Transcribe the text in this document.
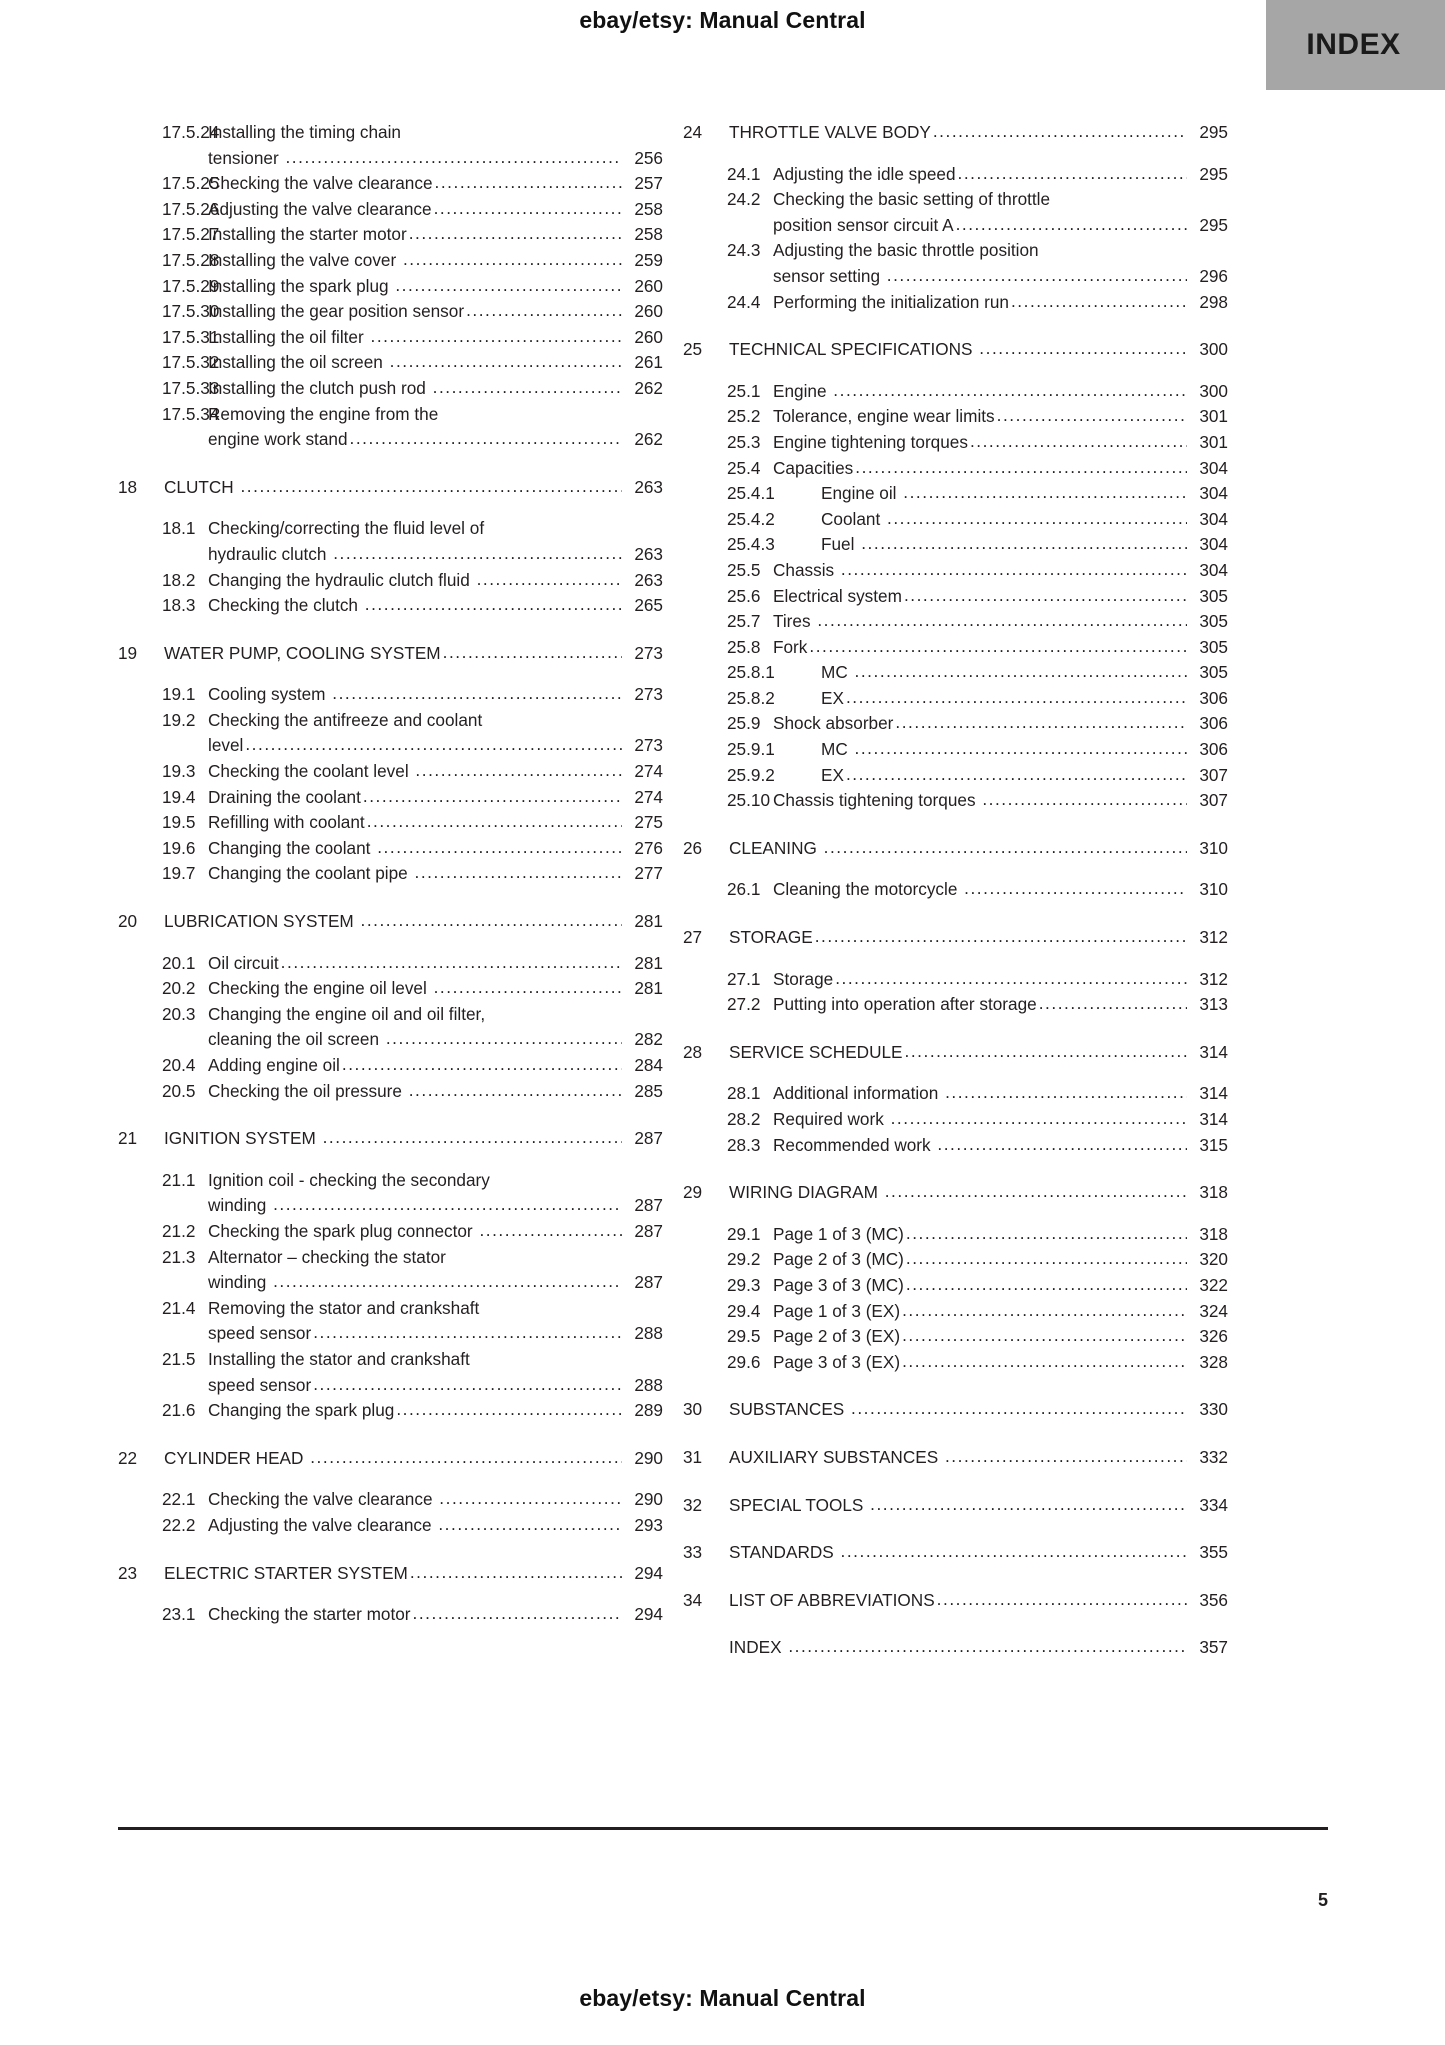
ebay/etsy: Manual Central
INDEX
17.5.24
Installing the timing chain
tensioner .....	256
17.5.25
Checking the valve clearance .....	257
17.5.26
Adjusting the valve clearance .....	258
17.5.27
Installing the starter motor .....	258
17.5.28
Installing the valve cover .....	259
17.5.29
Installing the spark plug .....	260
17.5.30
Installing the gear position sensor .....	260
17.5.31
Installing the oil filter .....	260
17.5.32
Installing the oil screen .....	261
17.5.33
Installing the clutch push rod .....	262
17.5.34
Removing the engine from the
engine work stand .....	262
18	CLUTCH .....	263
18.1 Checking/correcting the fluid level of
hydraulic clutch .....	263
18.2 Changing the hydraulic clutch fluid .....	263
18.3 Checking the clutch .....	265
19	WATER PUMP, COOLING SYSTEM .....	273
19.1 Cooling system .....	273
19.2 Checking the antifreeze and coolant
level .....	273
19.3 Checking the coolant level .....	274
19.4 Draining the coolant .....	274
19.5 Refilling with coolant .....	275
19.6 Changing the coolant .....	276
19.7 Changing the coolant pipe .....	277
20	LUBRICATION SYSTEM .....	281
20.1 Oil circuit .....	281
20.2 Checking the engine oil level .....	281
20.3 Changing the engine oil and oil filter,
cleaning the oil screen .....	282
20.4 Adding engine oil .....	284
20.5 Checking the oil pressure .....	285
21	IGNITION SYSTEM .....	287
21.1 Ignition coil - checking the secondary
winding .....	287
21.2 Checking the spark plug connector .....	287
21.3 Alternator – checking the stator
winding .....	287
21.4 Removing the stator and crankshaft
speed sensor .....	288
21.5 Installing the stator and crankshaft
speed sensor .....	288
21.6 Changing the spark plug .....	289
22	CYLINDER HEAD .....	290
22.1 Checking the valve clearance .....	290
22.2 Adjusting the valve clearance .....	293
23	ELECTRIC STARTER SYSTEM .....	294
23.1 Checking the starter motor .....	294
24	THROTTLE VALVE BODY .....	295
24.1 Adjusting the idle speed .....	295
24.2 Checking the basic setting of throttle
position sensor circuit A .....	295
24.3 Adjusting the basic throttle position
sensor setting .....	296
24.4 Performing the initialization run .....	298
25	TECHNICAL SPECIFICATIONS .....	300
25.1 Engine .....	300
25.2 Tolerance, engine wear limits .....	301
25.3 Engine tightening torques .....	301
25.4 Capacities .....	304
25.4.1	Engine oil .....	304
25.4.2	Coolant .....	304
25.4.3	Fuel .....	304
25.5 Chassis .....	304
25.6 Electrical system .....	305
25.7 Tires .....	305
25.8 Fork .....	305
25.8.1	MC .....	305
25.8.2	EX .....	306
25.9 Shock absorber .....	306
25.9.1	MC .....	306
25.9.2	EX .....	307
25.10 Chassis tightening torques .....	307
26	CLEANING .....	310
26.1 Cleaning the motorcycle .....	310
27	STORAGE .....	312
27.1 Storage .....	312
27.2 Putting into operation after storage .....	313
28	SERVICE SCHEDULE .....	314
28.1 Additional information .....	314
28.2 Required work .....	314
28.3 Recommended work .....	315
29	WIRING DIAGRAM .....	318
29.1 Page 1 of 3 (MC) .....	318
29.2 Page 2 of 3 (MC) .....	320
29.3 Page 3 of 3 (MC) .....	322
29.4 Page 1 of 3 (EX) .....	324
29.5 Page 2 of 3 (EX) .....	326
29.6 Page 3 of 3 (EX) .....	328
30	SUBSTANCES .....	330
31	AUXILIARY SUBSTANCES .....	332
32	SPECIAL TOOLS .....	334
33	STANDARDS .....	355
34	LIST OF ABBREVIATIONS .....	356
INDEX .....	357
5
ebay/etsy: Manual Central
